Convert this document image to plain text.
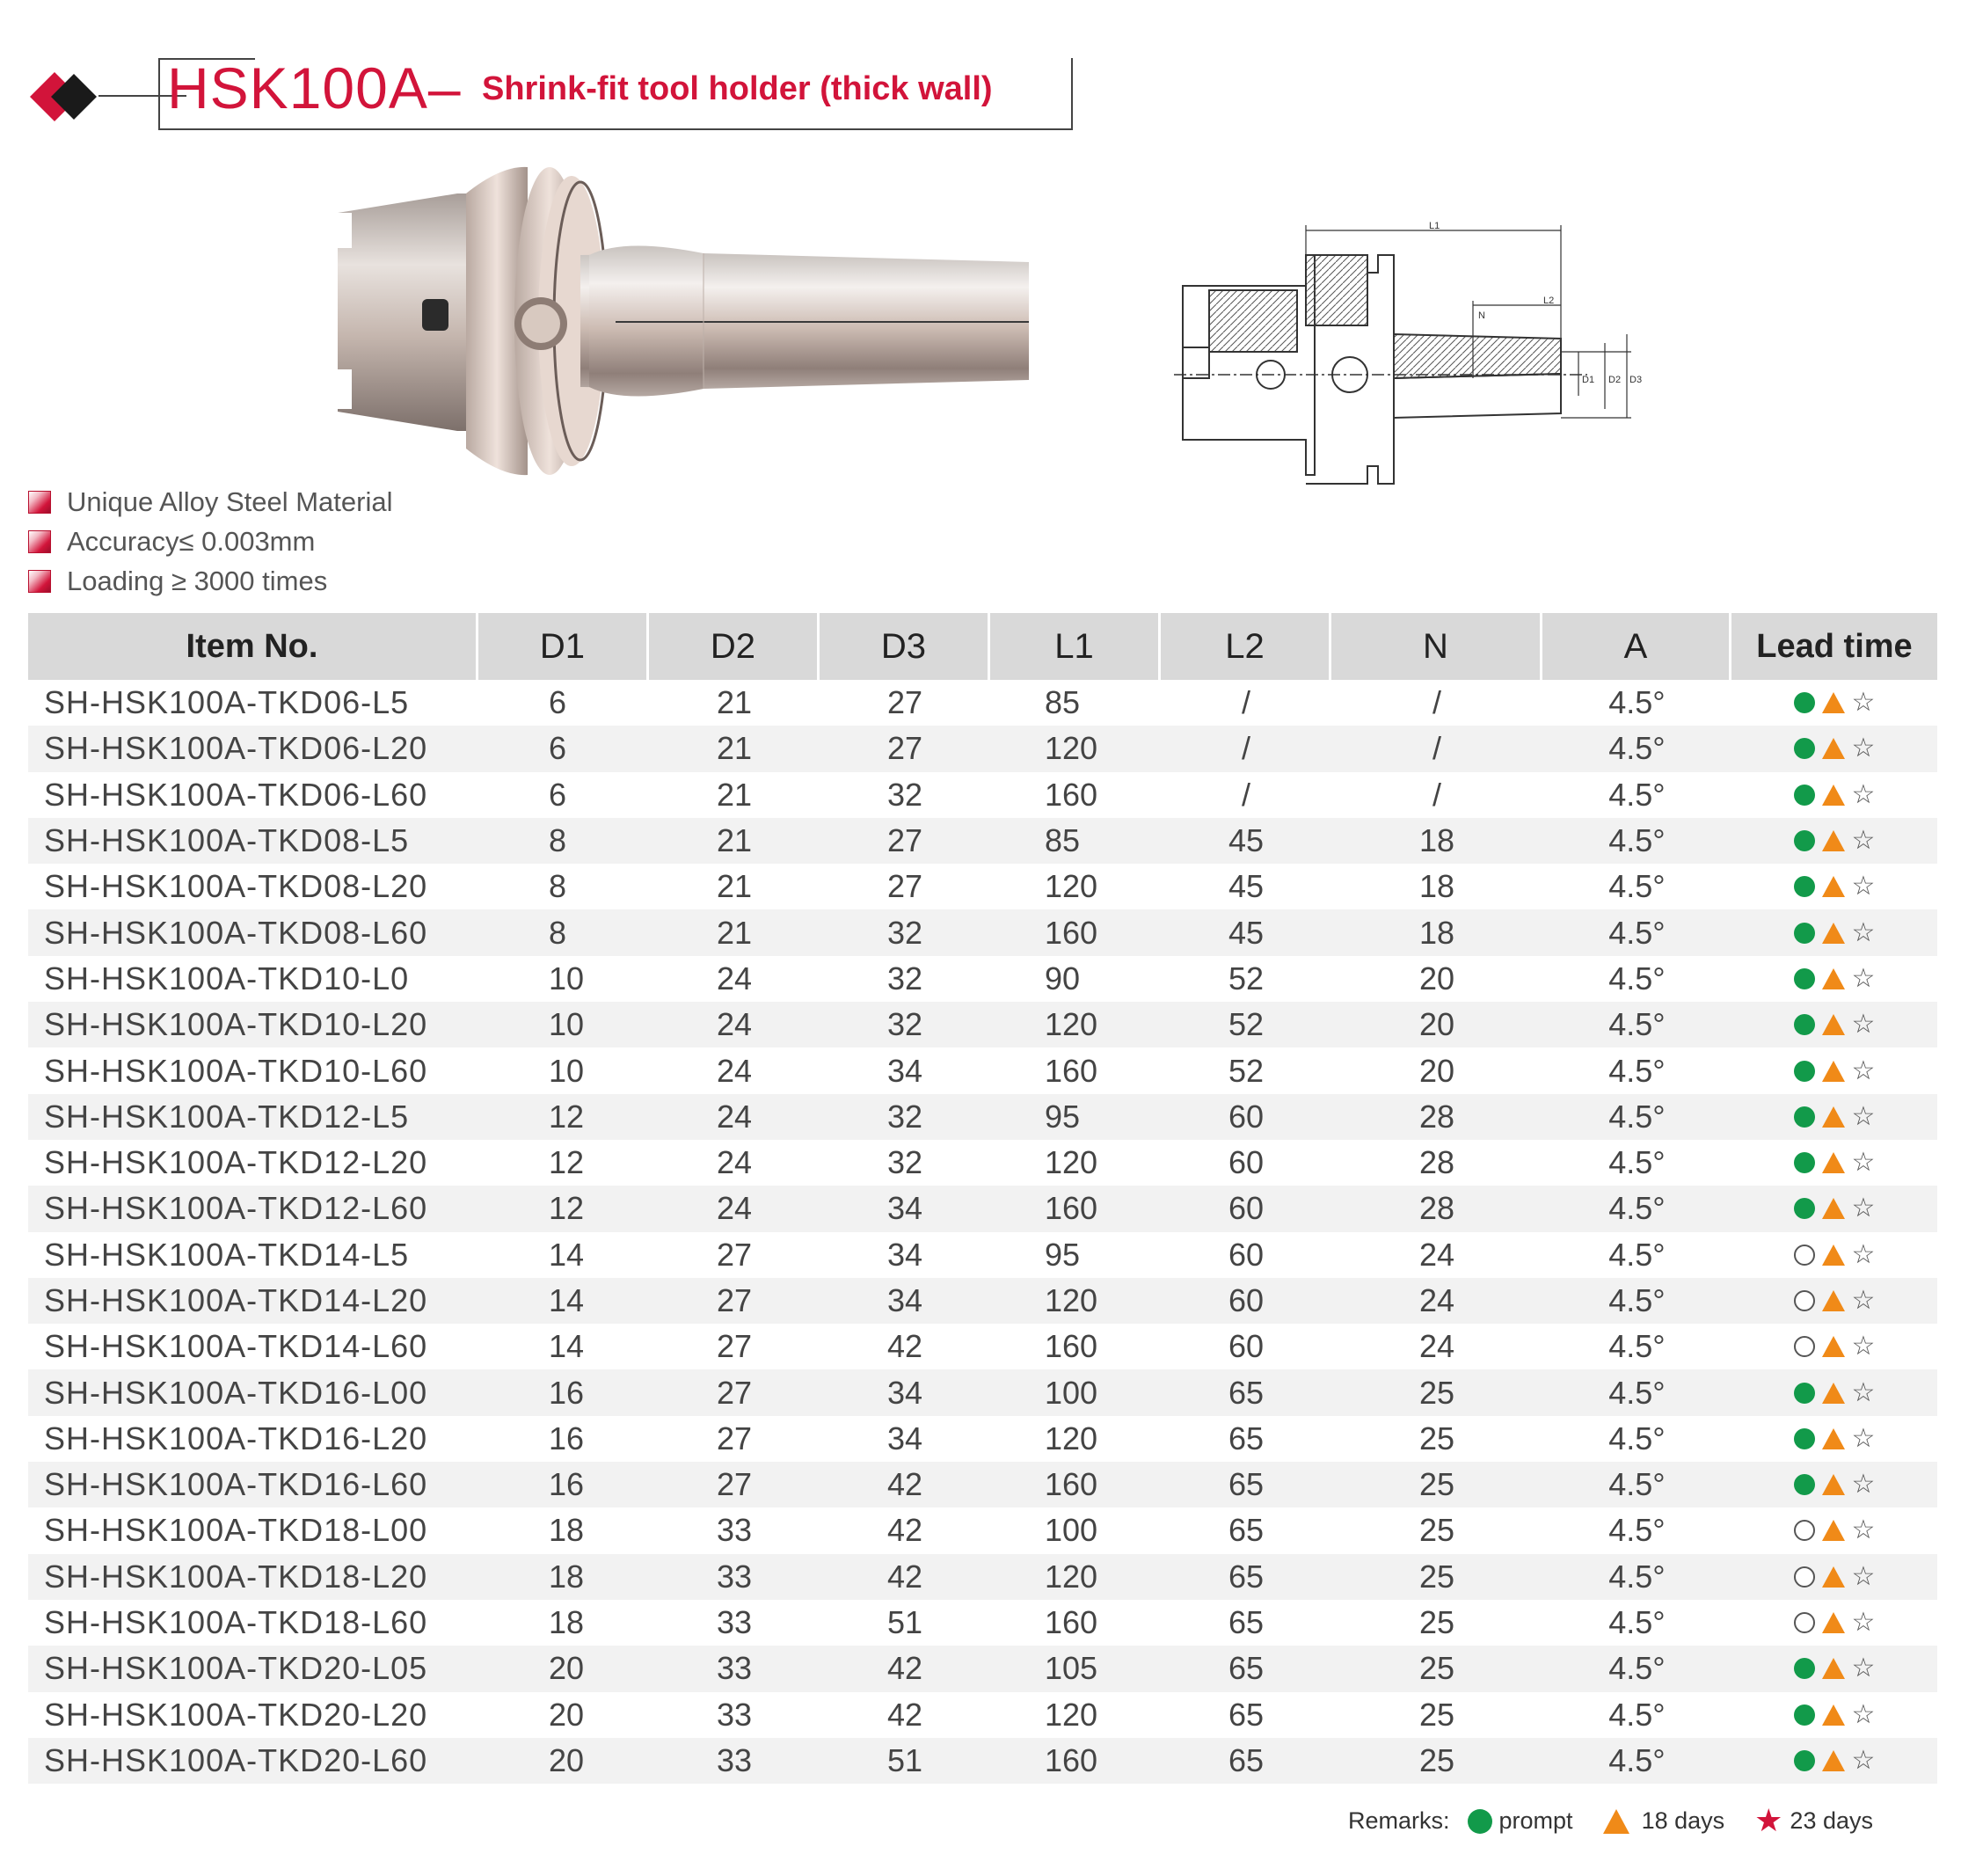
HSK100A– Shrink-fit tool holder (thick wall)
L1
L2
N
D1 D2 D3
Unique Alloy Steel Material
Accuracy≤ 0.003mm
Loading ≥ 3000 times
Item No.	D1	D2	D3	L1	L2	N	A	Lead time
SH-HSK100A-TKD06-L5	6	21	27	85	/	/	4.5°	☆
SH-HSK100A-TKD06-L20	6	21	27	120	/	/	4.5°	☆
SH-HSK100A-TKD06-L60	6	21	32	160	/	/	4.5°	☆
SH-HSK100A-TKD08-L5	8	21	27	85	45	18	4.5°	☆
SH-HSK100A-TKD08-L20	8	21	27	120	45	18	4.5°	☆
SH-HSK100A-TKD08-L60	8	21	32	160	45	18	4.5°	☆
SH-HSK100A-TKD10-L0	10	24	32	90	52	20	4.5°	☆
SH-HSK100A-TKD10-L20	10	24	32	120	52	20	4.5°	☆
SH-HSK100A-TKD10-L60	10	24	34	160	52	20	4.5°	☆
SH-HSK100A-TKD12-L5	12	24	32	95	60	28	4.5°	☆
SH-HSK100A-TKD12-L20	12	24	32	120	60	28	4.5°	☆
SH-HSK100A-TKD12-L60	12	24	34	160	60	28	4.5°	☆
SH-HSK100A-TKD14-L5	14	27	34	95	60	24	4.5°	☆
SH-HSK100A-TKD14-L20	14	27	34	120	60	24	4.5°	☆
SH-HSK100A-TKD14-L60	14	27	42	160	60	24	4.5°	☆
SH-HSK100A-TKD16-L00	16	27	34	100	65	25	4.5°	☆
SH-HSK100A-TKD16-L20	16	27	34	120	65	25	4.5°	☆
SH-HSK100A-TKD16-L60	16	27	42	160	65	25	4.5°	☆
SH-HSK100A-TKD18-L00	18	33	42	100	65	25	4.5°	☆
SH-HSK100A-TKD18-L20	18	33	42	120	65	25	4.5°	☆
SH-HSK100A-TKD18-L60	18	33	51	160	65	25	4.5°	☆
SH-HSK100A-TKD20-L05	20	33	42	105	65	25	4.5°	☆
SH-HSK100A-TKD20-L20	20	33	42	120	65	25	4.5°	☆
SH-HSK100A-TKD20-L60	20	33	51	160	65	25	4.5°	☆
Remarks: prompt	18 days ★ 23 days
